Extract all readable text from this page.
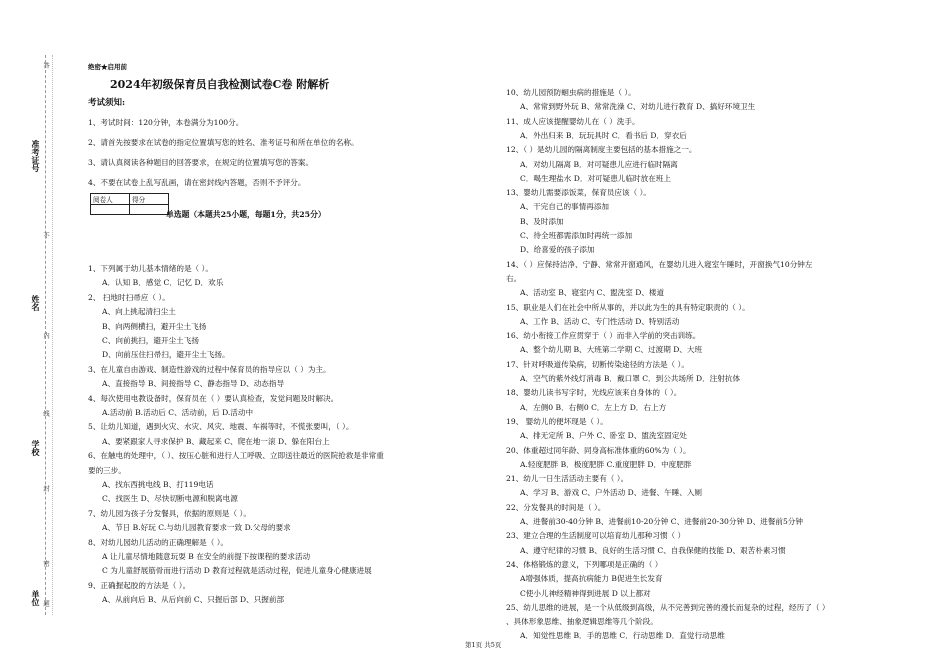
准考证号
姓名
学校
单位
答
不
内
线
封
密
题
绝密★启用前
2024年初级保育员自我检测试卷C卷 附解析
考试须知:
1、考试时间：120分钟，本卷满分为100分。
2、请首先按要求在试卷的指定位置填写您的姓名、准考证号和所在单位的名称。
3、请认真阅读各种题目的回答要求，在规定的位置填写您的答案。
4、不要在试卷上乱写乱画，请在密封线内答题，否则不予评分。
阅卷人	得分

单选题（本题共25小题，每题1分，共25分）
1、下列属于幼儿基本情绪的是（ ）。
A．认知 B．感觉 C．记忆 D．欢乐
2、 扫地时扫帚应（ ）。
A、向上挑起清扫尘土
B、向两侧横扫，避开尘土飞扬
C、向前挑扫，避开尘土飞扬
D、向前压住扫帚扫，避开尘土飞扬。
3、在儿童自由游戏、制造性游戏的过程中保育员的指导应以（ ）为主。
A、直接指导 B、间接指导 C、静态指导 D、动态指导
4、每次使用电教设备时，保育员在（ ）要认真检查，发觉问题及时解决。
A.活动前 B.活动后 C、活动前，后 D.活动中
5、让幼儿知道，遇到火灾、水灾、风灾、地震、车祸等时，不慌张要叫，（ ）。
A、要紧跟家人寻求保护 B、藏起来 C、爬在地一滚 D、躲在阳台上
6、在触电的处理中，（ ）、按压心脏和进行人工呼吸、立即送往最近的医院抢救是非常重
要的三步。
A、找东西挑电线 B、打119电话
C、找医生 D、尽快切断电源和脱离电源
7、幼儿园为孩子分发餐具，依据的原则是（ ）。
A、节日 B.好玩 C.与幼儿园教育要求一致 D.父母的要求
8、对幼儿园幼儿活动的正确理解是（ ）。
A 让儿童尽情地随意玩耍 B 在安全的前提下按课程的要求活动
C 为儿童舒展筋骨而进行活动 D 教育过程就是活动过程，促进儿童身心健康进展
9、正确握起胶的方法是（ ）。
A、从前向后 B、从后向前 C、只握后部 D、只握前部
10、幼儿园预防蛔虫病的措施是（ ）。
A、常常到野外玩 B、常常洗澡 C、对幼儿进行教育 D、搞好环境卫生
11、成人应该提醒婴幼儿在（ ）洗手。
A．外出归来 B．玩玩具时 C．看书后 D．穿衣后
12、（ ）是幼儿园的隔离制度主要包括的基本措施之一。
A．对幼儿隔离 B．对可疑患儿应进行临时隔离
C．喝生理盐水 D．对可疑患儿临时放在班上
13、婴幼儿需要添饭菜，保育员应该（ ）。
A、干完自己的事情再添加
B、及时添加
C、待全班都需添加时再统一添加
D、给喜爱的孩子添加
14、（ ）应保持洁净、宁静、常常开窗通风，在婴幼儿进入寝室午睡时，开窗换气10分钟左
右。
A、活动室 B、寝室内 C、盥洗室 D、楼道
15、职业是人们在社会中所从事的，并以此为生的具有特定职责的（ ）。
A、工作 B、活动 C、专门性活动 D、特别活动
16、幼小衔接工作应贯穿于（ ）而非入学前的突击训练。
A、整个幼儿期 B、大班第二学期 C、过渡期 D、大班
17、针对呼吸道传染病，切断传染途径的方法是（ ）。
A．空气的紫外线灯消毒 B．戴口罩 C．到公共场所 D．注射抗体
18、婴幼儿读书写字时，光线应该来自身体的（ ）。
A．左侧0 B．右侧0 C．左上方 D．右上方
19、 婴幼儿的便坏现是（ ）。
A、排无定所 B、户外 C、卧室 D、盥洗室固定处
20、体重超过同年龄、同身高标准体重的60%为（ ）。
A.轻度肥胖 B．极度肥胖 C.重度肥胖 D．中度肥胖
21、幼儿一日生活活动主要有（ ）。
A、学习 B、游戏 C、户外活动 D、进餐、午睡、入厕
22、分发餐具的时间是（ ）。
A、进餐前30-40分钟 B、进餐前10-20分钟 C、进餐前20-30分钟 D、进餐前5分钟
23、建立合理的生活制度可以培育幼儿那种习惯（ ）
A、遵守纪律的习惯 B、良好的生活习惯 C、自我保健的技能 D、艰苦朴素习惯
24、体格锻炼的意义，下列哪项是正确的（ ）
A增强体质，提高抗病能力 B促进生长发育
C使小儿神经精神得到进展 D 以上都对
25、幼儿思维的进展，是一个从低级到高级，从不完善到完善的漫长而复杂的过程，经历了（ ）
、具体形象思维、抽象逻辑思维等几个阶段。
A．知觉性思维 B．手的思维 C．行动思维 D．直觉行动思维
第1页 共5页
